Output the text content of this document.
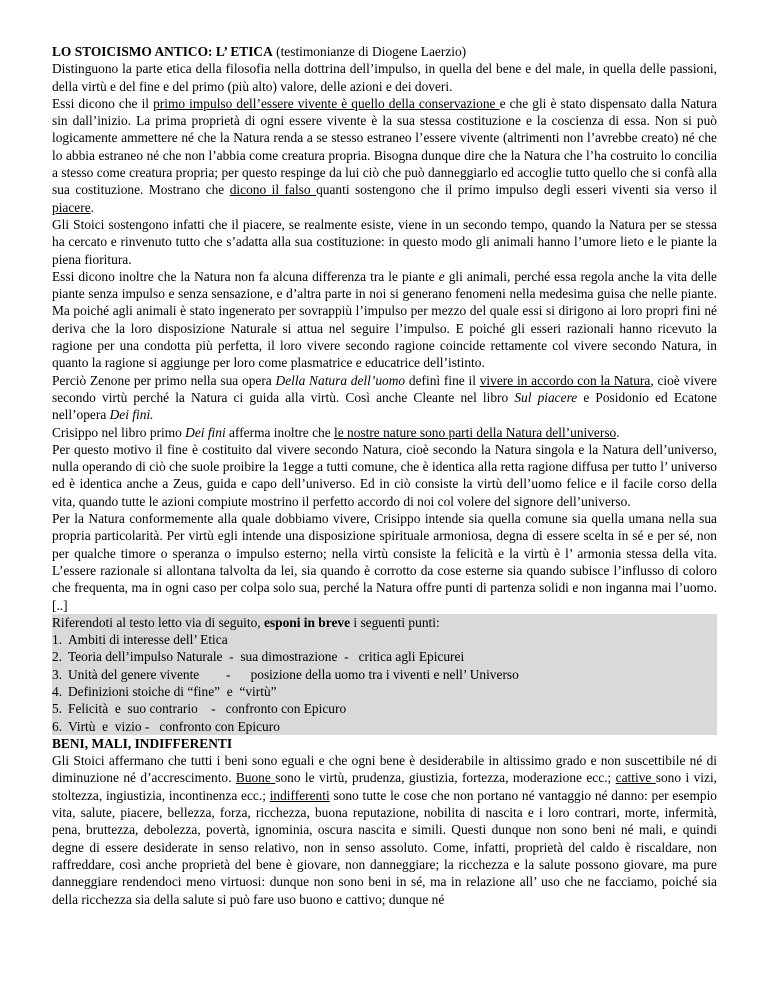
LO STOICISMO ANTICO: L’ ETICA (testimonianze di Diogene Laerzio)

Distinguono la parte etica della filosofia nella dottrina dell’impulso, in quella del bene e del male, in quella delle passioni, della virtù e del fine e del primo (più alto) valore, delle azioni e dei doveri.

Essi dicono che il primo impulso dell’essere vivente è quello della conservazione e che gli è stato dispensato dalla Natura sin dall’inizio. La prima proprietà di ogni essere vivente è la sua stessa costituzione e la coscienza di essa. Non si può logicamente ammettere né che la Natura renda a se stesso estraneo l’essere vivente (altrimenti non l’avrebbe creato) né che lo abbia estraneo né che non l’abbia come creatura propria. Bisogna dunque dire che la Natura che l’ha costruito lo concilia a stesso come creatura propria; per questo respinge da lui ciò che può danneggiarlo ed accoglie tutto quello che si confà alla sua costituzione. Mostrano che dicono il falso quanti sostengono che il primo impulso degli esseri viventi sia verso il piacere.

Gli Stoici sostengono infatti che il piacere, se realmente esiste, viene in un secondo tempo, quando la Natura per se stessa ha cercato e rinvenuto tutto che s’adatta alla sua costituzione: in questo modo gli animali hanno l’umore lieto e le piante la piena fioritura.

Essi dicono inoltre che la Natura non fa alcuna differenza tra le piante e gli animali, perché essa regola anche la vita delle piante senza impulso e senza sensazione, e d’altra parte in noi si generano fenomeni nella medesima guisa che nelle piante. Ma poiché agli animali è stato ingenerato per sovrappiù l’impulso per mezzo del quale essi si dirigono ai loro propri fini né deriva che la loro disposizione Naturale si attua nel seguire l’impulso. E poiché gli esseri razionali hanno ricevuto la ragione per una condotta più perfetta, il loro vivere secondo ragione coincide rettamente col vivere secondo Natura, in quanto la ragione si aggiunge per loro come plasmatrice e educatrice dell’istinto.

Perciò Zenone per primo nella sua opera Della Natura dell’uomo definì fine il vivere in accordo con la Natura, cioè vivere secondo virtù perché la Natura ci guida alla virtù. Così anche Cleante nel libro Sul piacere e Posidonio ed Ecatone nell’opera Dei fini.

Crisippo nel libro primo Dei fini afferma inoltre che le nostre nature sono parti della Natura dell’universo.

Per questo motivo il fine è costituito dal vivere secondo Natura, cioè secondo la Natura singola e la Natura dell’universo, nulla operando di ciò che suole proibire la 1egge a tutti comune, che è identica alla retta ragione diffusa per tutto l’ universo ed è identica anche a Zeus, guida e capo dell’universo. Ed in ciò consiste la virtù dell’uomo felice e il facile corso della vita, quando tutte le azioni compiute mostrino il perfetto accordo di noi col volere del signore dell’universo.

Per la Natura conformemente alla quale dobbiamo vivere, Crisippo intende sia quella comune sia quella umana nella sua propria particolarità. Per virtù egli intende una disposizione spirituale armoniosa, degna di essere scelta in sé e per sé, non per qualche timore o speranza o impulso esterno; nella virtù consiste la felicità e la virtù è l’ armonia stessa della vita. L’essere razionale si allontana talvolta da lei, sia quando è corrotto da cose esterne sia quando subisce l’influsso di coloro che frequenta, ma in ogni caso per colpa solo sua, perché la Natura offre punti di partenza solidi e non inganna mai l’uomo. [..]

Riferendoti al testo letto via di seguito, esponi in breve i seguenti punti:

1. Ambiti di interesse dell’ Etica
2. Teoria dell’impulso Naturale  -  sua dimostrazione  -   critica agli Epicurei
3. Unità del genere vivente        -      posizione della uomo tra i viventi e nell’ Universo
4. Definizioni stoiche di “fine”  e  “virtù”
5. Felicità  e  suo contrario    -   confronto con Epicuro
6. Virtù  e  vizio -   confronto con Epicuro

BENI, MALI, INDIFFERENTI

Gli Stoici affermano che tutti i beni sono eguali e che ogni bene è desiderabile in altissimo grado e non suscettibile né di diminuzione né d’accrescimento. Buone sono le virtù, prudenza, giustizia, fortezza, moderazione ecc.; cattive sono i vizi, stoltezza, ingiustizia, incontinenza ecc.; indifferenti sono tutte le cose che non portano né vantaggio né danno: per esempio vita, salute, piacere, bellezza, forza, ricchezza, buona reputazione, nobilita di nascita e i loro contrari, morte, infermità, pena, bruttezza, debolezza, povertà, ignominia, oscura nascita e simili. Questi dunque non sono beni né mali, e quindi degne di essere desiderate in senso relativo, non in senso assoluto. Come, infatti, proprietà del caldo è riscaldare, non raffreddare, così anche proprietà del bene è giovare, non danneggiare; la ricchezza e la salute possono giovare, ma pure danneggiare rendendoci meno virtuosi: dunque non sono beni in sé, ma in relazione all’ uso che ne facciamo, poiché sia della ricchezza sia della salute si può fare uso buono e cattivo; dunque né
